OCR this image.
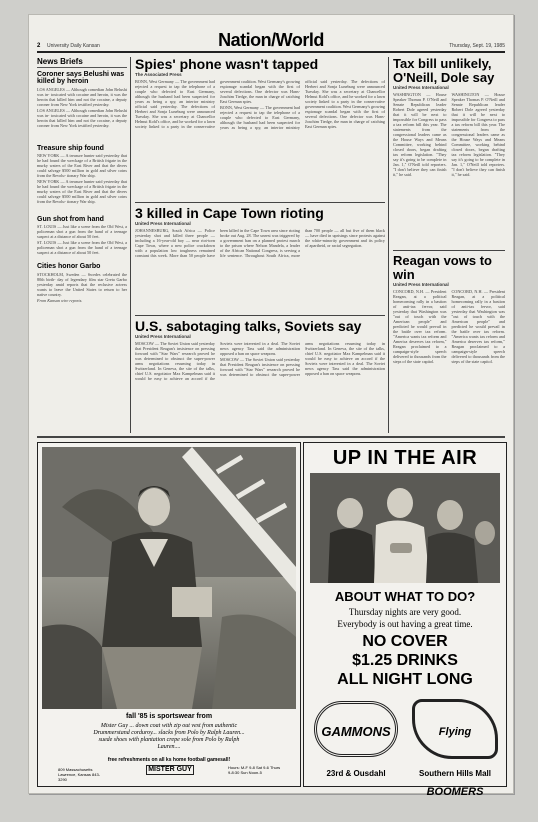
2 University Daily Kansan	Nation/World	Thursday, Sept. 19, 1985
News Briefs
Coroner says Belushi was killed by heroin

LOS ANGELES — Although comedian John Belushi was in- toxicated with cocaine and heroin, it was the heroin that killed him and not the cocaine, a deputy coroner from New York testified yesterday.

LOS ANGELES — Although comedian John Belushi was in- toxicated with cocaine and heroin, it was the heroin that killed him and not the cocaine, a deputy coroner from New York testified yesterday.

Treasure ship found

NEW YORK — A treasure hunter said yesterday that he had found the wreckage of a British frigate in the murky waters of the East River and that the divers could salvage $500 million in gold and silver coins from the Revolu- tionary War ship.

NEW YORK — A treasure hunter said yesterday that he had found the wreckage of a British frigate in the murky waters of the East River and that the divers could salvage $500 million in gold and silver coins from the Revolu- tionary War ship.

Gun shot from hand

ST. LOUIS — Just like a scene from the Old West, a policeman shot a gun from the hand of a teenage suspect at a distance of about 50 feet.

ST. LOUIS — Just like a scene from the Old West, a policeman shot a gun from the hand of a teenage suspect at a distance of about 50 feet.

Cities honor Garbo

STOCKHOLM, Sweden — Swedes celebrated the 80th birth- day of legendary film star Greta Garbo yesterday amid reports that the reclusive actress wants to leave the United States to return to her native country.

From Kansan wire reports.

Spies' phone wasn't tapped
The Associated Press

BONN, West Germany — The government had rejected a request to tap the telephone of a couple who defected to East Germany, although the husband had been suspected for years as being a spy, an interior ministry official said yesterday. The defections of Herbert and Sonja Luneburg were announced Tuesday. She was a secretary at Chancellor Helmut Kohl's office, and he worked for a lawn society linked to a party in the conservative government coalition. West Germany's growing espionage scandal began with the first of several defections. One defector was Hans-Joachim Tiedge, the man in charge of catching East German spies.

BONN, West Germany — The government had rejected a request to tap the telephone of a couple who defected to East Germany, although the husband had been suspected for years as being a spy, an interior ministry official said yesterday. The defections of Herbert and Sonja Luneburg were announced Tuesday. She was a secretary at Chancellor Helmut Kohl's office, and he worked for a lawn society linked to a party in the conservative government coalition. West Germany's growing espionage scandal began with the first of several defections. One defector was Hans-Joachim Tiedge, the man in charge of catching East German spies.

Tax bill unlikely, O'Neill, Dole say
United Press International

WASHINGTON — House Speaker Thomas P. O'Neill and Senate Republican leader Robert Dole agreed yesterday that it will be next to impossible for Congress to pass a tax reform bill this year. The statements from the congressional leaders came as the House Ways and Means Committee, working behind closed doors, began drafting tax reform legislation. "They say it's going to be complete in Jan. 1," O'Neill told reporters. "I don't believe they can finish it," he said.

WASHINGTON — House Speaker Thomas P. O'Neill and Senate Republican leader Robert Dole agreed yesterday that it will be next to impossible for Congress to pass a tax reform bill this year. The statements from the congressional leaders came as the House Ways and Means Committee, working behind closed doors, began drafting tax reform legislation. "They say it's going to be complete in Jan. 1," O'Neill told reporters. "I don't believe they can finish it," he said.

Reagan vows to win
United Press International

CONCORD, N.H. — President Reagan, at a political homecoming rally in a bastion of anti-tax fervor, said yesterday that Washington was "out of touch with the American people" and predicted he would prevail in the battle over tax reform. "America wants tax reform and America deserves tax reform," Reagan proclaimed to a campaign-style speech delivered to thousands from the steps of the state capitol.

CONCORD, N.H. — President Reagan, at a political homecoming rally in a bastion of anti-tax fervor, said yesterday that Washington was "out of touch with the American people" and predicted he would prevail in the battle over tax reform. "America wants tax reform and America deserves tax reform," Reagan proclaimed to a campaign-style speech delivered to thousands from the steps of the state capitol.

3 killed in Cape Town rioting
United Press International

JOHANNESBURG, South Africa — Police yesterday shot and killed three people — including a 16-year-old boy — near riot-torn Cape Town, where a new police crackdown with a population low toughness remained constant this week. More than 50 people have been killed in the Cape Town area since rioting broke out Aug. 28. The unrest was triggered by a government ban on a planned protest march to the prison where Nelson Mandela, a leader of the African National Congress, is serving a life sentence. Throughout South Africa, more than 700 people — all but five of them black — have died in uprisings since protests against the white-minority government and its policy of apartheid, or racial segregation.

U.S. sabotaging talks, Soviets say
United Press International

MOSCOW — The Soviet Union said yesterday that President Reagan's insistence on pressing forward with "Star Wars" research proved he was determined to obstruct the super-power arms negotiations resuming today in Switzerland. In Geneva, the site of the talks, chief U.S. negotiator Max Kampelman said it would be easy to achieve an accord if the Soviets were interested in a deal. The Soviet news agency Tass said the administration opposed a ban on space weapons.

MOSCOW — The Soviet Union said yesterday that President Reagan's insistence on pressing forward with "Star Wars" research proved he was determined to obstruct the super-power arms negotiations resuming today in Switzerland. In Geneva, the site of the talks, chief U.S. negotiator Max Kampelman said it would be easy to achieve an accord if the Soviets were interested in a deal. The Soviet news agency Tass said the administration opposed a ban on space weapons.

fall '85 is sportswear from
Mister Guy ... down coat with zip out vest from authentic Drummerstand corduroy... slacks from Polo by Ralph Lauren... suede shoes with plantation crepe sole from Polo by Ralph Lauren....
free refreshments on all ks home football gamesall!
809 Massachusetts Lawrence, Kansas 843-3290
MISTER GUY	Hours: M-F 9-8 Sat 9-6 Thurs 9-8:30 Sun Noon-5
UP IN THE AIR
ABOUT WHAT TO DO?
Thursday nights are very good.
Everybody is out having a great time.
NO COVER
$1.25 DRINKS
ALL NIGHT LONG
GAMMONS	Flying BOOMERS
23rd & Ousdahl	Southern Hills Mall
